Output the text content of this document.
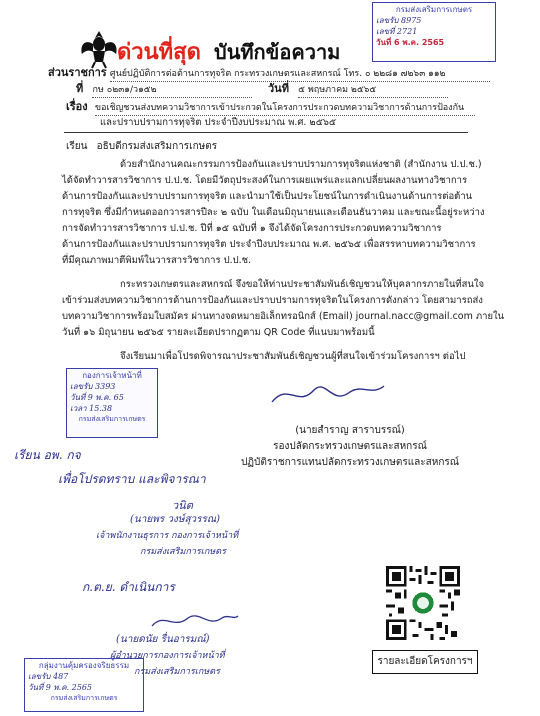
ด่วนที่สุด บันทึกข้อความ
กรมส่งเสริมการเกษตร
เลขรับ 8975
เลขที่ 2721
วันที่ 6 พ.ค. 2565
ส่วนราชการ ศูนย์ปฏิบัติการต่อต้านการทุจริต กระทรวงเกษตรและสหกรณ์ โทร. ๐ ๒๒๘๑ ๗๒๖๓ ๑๑๒
ที่ กษ ๐๒๓๑/ว๑๕๒	วันที่ ๕ พฤษภาคม ๒๕๖๕
เรื่อง ขอเชิญชวนส่งบทความวิชาการเข้าประกวดในโครงการประกวดบทความวิชาการด้านการป้องกัน
และปราบปรามการทุจริต ประจำปีงบประมาณ พ.ศ. ๒๕๖๕
เรียน อธิบดีกรมส่งเสริมการเกษตร
ด้วยสำนักงานคณะกรรมการป้องกันและปราบปรามการทุจริตแห่งชาติ (สำนักงาน ป.ป.ช.)
ได้จัดทำวารสารวิชาการ ป.ป.ช. โดยมีวัตถุประสงค์ในการเผยแพร่และแลกเปลี่ยนผลงานทางวิชาการ
ด้านการป้องกันและปราบปรามการทุจริต และนำมาใช้เป็นประโยชน์ในการดำเนินงานด้านการต่อต้าน
การทุจริต ซึ่งมีกำหนดออกวารสารปีละ ๒ ฉบับ ในเดือนมิถุนายนและเดือนธันวาคม และขณะนี้อยู่ระหว่าง
การจัดทำวารสารวิชาการ ป.ป.ช. ปีที่ ๑๕ ฉบับที่ ๑ จึงได้จัดโครงการประกวดบทความวิชาการ
ด้านการป้องกันและปราบปรามการทุจริต ประจำปีงบประมาณ พ.ศ. ๒๕๖๕ เพื่อสรรหาบทความวิชาการ
ที่มีคุณภาพมาตีพิมพ์ในวารสารวิชาการ ป.ป.ช.
กระทรวงเกษตรและสหกรณ์ จึงขอให้ท่านประชาสัมพันธ์เชิญชวนให้บุคลากรภายในที่สนใจ
เข้าร่วมส่งบทความวิชาการด้านการป้องกันและปราบปรามการทุจริตในโครงการดังกล่าว โดยสามารถส่ง
บทความวิชาการพร้อมใบสมัคร ผ่านทางจดหมายอิเล็กทรอนิกส์ (Email) journal.nacc@gmail.com ภายใน
วันที่ ๑๖ มิถุนายน ๒๕๖๕ รายละเอียดปรากฏตาม QR Code ที่แนบมาพร้อมนี้
จึงเรียนมาเพื่อโปรดพิจารณาประชาสัมพันธ์เชิญชวนผู้ที่สนใจเข้าร่วมโครงการฯ ต่อไป
กองการเจ้าหน้าที่
เลขรับ 3393
วันที่ 9 พ.ค. 65
เวลา 15.38
กรมส่งเสริมการเกษตร
(นายสำราญ สาราบรรณ์)
รองปลัดกระทรวงเกษตรและสหกรณ์
ปฏิบัติราชการแทนปลัดกระทรวงเกษตรและสหกรณ์
เรียน อพ. กจ
เพื่อโปรดทราบ และพิจารณา
วนิต
(นายพร วงษ์สุวรรณ)
เจ้าพนักงานธุรการ กองการเจ้าหน้าที่
กรมส่งเสริมการเกษตร
ก.ต.ย. ดำเนินการ
(นายดนัย รื่นอารมณ์)
ผู้อำนวยการกองการเจ้าหน้าที่
กรมส่งเสริมการเกษตร
กลุ่มงานคุ้มครองจริยธรรม
เลขรับ 487
วันที่ 9 พ.ค. 2565
กรมส่งเสริมการเกษตร
รายละเอียดโครงการฯ
